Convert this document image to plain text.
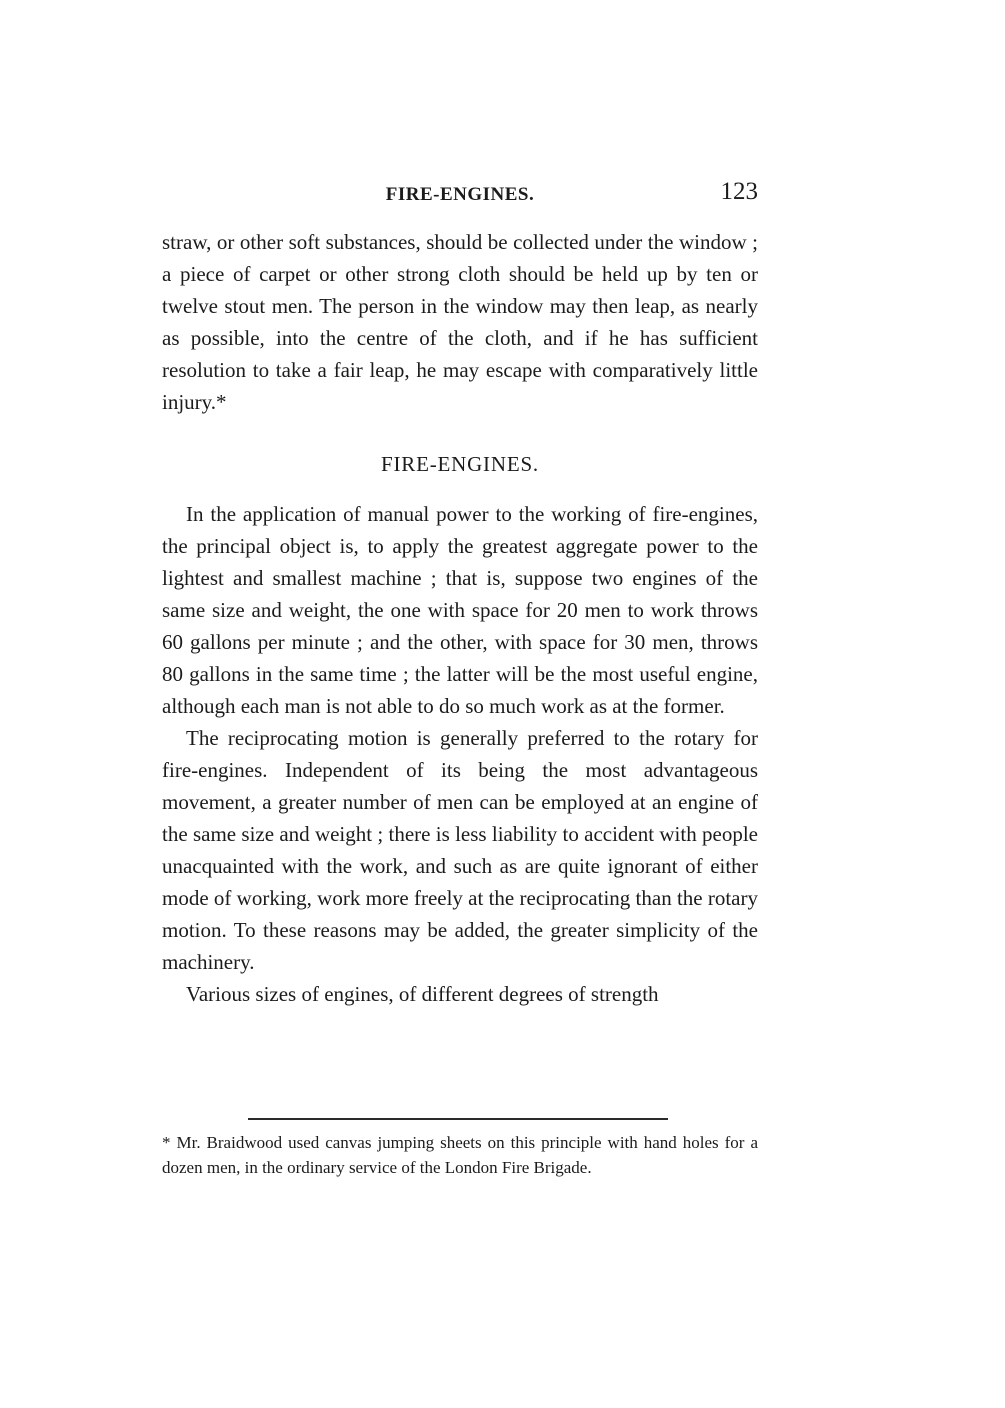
FIRE-ENGINES.	123

straw, or other soft substances, should be collected under the window ; a piece of carpet or other strong cloth should be held up by ten or twelve stout men. The person in the window may then leap, as nearly as possible, into the centre of the cloth, and if he has sufficient resolution to take a fair leap, he may escape with comparatively little injury.*

FIRE-ENGINES.

In the application of manual power to the working of fire-engines, the principal object is, to apply the greatest aggregate power to the lightest and smallest machine ; that is, suppose two engines of the same size and weight, the one with space for 20 men to work throws 60 gallons per minute ; and the other, with space for 30 men, throws 80 gallons in the same time ; the latter will be the most useful engine, although each man is not able to do so much work as at the former.

The reciprocating motion is generally preferred to the rotary for fire-engines. Independent of its being the most advantageous movement, a greater number of men can be employed at an engine of the same size and weight ; there is less liability to accident with people unacquainted with the work, and such as are quite ignorant of either mode of working, work more freely at the reciprocating than the rotary motion. To these reasons may be added, the greater simplicity of the machinery.

Various sizes of engines, of different degrees of strength

* Mr. Braidwood used canvas jumping sheets on this principle with hand holes for a dozen men, in the ordinary service of the London Fire Brigade.
